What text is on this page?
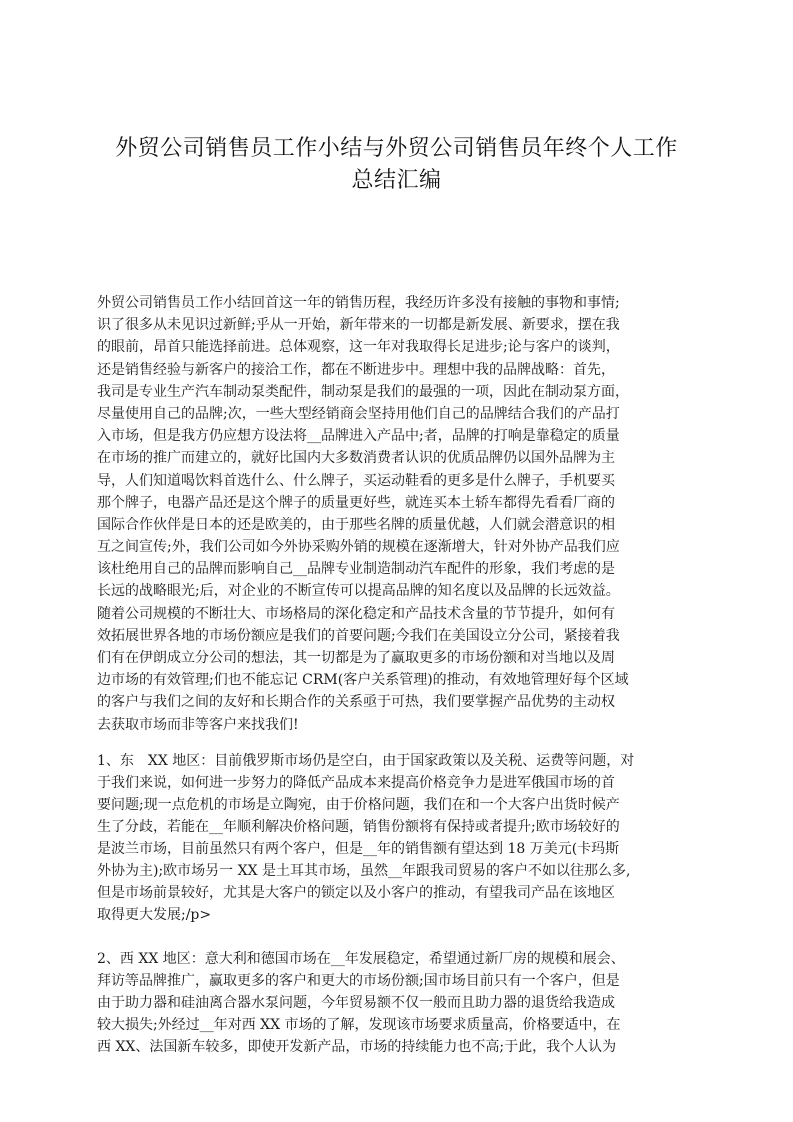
外贸公司销售员工作小结与外贸公司销售员年终个人工作
总结汇编
外贸公司销售员工作小结回首这一年的销售历程，我经历许多没有接触的事物和事情;
识了很多从未见识过新鲜;乎从一开始，新年带来的一切都是新发展、新要求，摆在我
的眼前，昂首只能选择前进。总体观察，这一年对我取得长足进步;论与客户的谈判，
还是销售经验与新客户的接洽工作，都在不断进步中。理想中我的品牌战略：首先，
我司是专业生产汽车制动泵类配件，制动泵是我们的最强的一项，因此在制动泵方面，
尽量使用自己的品牌;次，一些大型经销商会坚持用他们自己的品牌结合我们的产品打
入市场，但是我方仍应想方设法将__品牌进入产品中;者，品牌的打响是靠稳定的质量
在市场的推广而建立的，就好比国内大多数消费者认识的优质品牌仍以国外品牌为主
导，人们知道喝饮料首选什么、什么牌子，买运动鞋看的更多是什么牌子，手机要买
那个牌子，电器产品还是这个牌子的质量更好些，就连买本土轿车都得先看看厂商的
国际合作伙伴是日本的还是欧美的，由于那些名牌的质量优越，人们就会潜意识的相
互之间宣传;外，我们公司如今外协采购外销的规模在逐渐增大，针对外协产品我们应
该杜绝用自己的品牌而影响自己__品牌专业制造制动汽车配件的形象，我们考虑的是
长远的战略眼光;后，对企业的不断宣传可以提高品牌的知名度以及品牌的长远效益。
随着公司规模的不断壮大、市场格局的深化稳定和产品技术含量的节节提升，如何有
效拓展世界各地的市场份额应是我们的首要问题;今我们在美国设立分公司，紧接着我
们有在伊朗成立分公司的想法，其一切都是为了赢取更多的市场份额和对当地以及周
边市场的有效管理;们也不能忘记 CRM(客户关系管理)的推动，有效地管理好每个区域
的客户与我们之间的友好和长期合作的关系亟于可热，我们要掌握产品优势的主动权
去获取市场而非等客户来找我们!
1、东　XX 地区：目前俄罗斯市场仍是空白，由于国家政策以及关税、运费等问题，对
于我们来说，如何进一步努力的降低产品成本来提高价格竞争力是进军俄国市场的首
要问题;现一点危机的市场是立陶宛，由于价格问题，我们在和一个大客户出货时候产
生了分歧，若能在__年顺利解决价格问题，销售份额将有保持或者提升;欧市场较好的
是波兰市场，目前虽然只有两个客户，但是__年的销售额有望达到 18 万美元(卡玛斯
外协为主);欧市场另一 XX 是土耳其市场，虽然__年跟我司贸易的客户不如以往那么多,
但是市场前景较好，尤其是大客户的锁定以及小客户的推动，有望我司产品在该地区
取得更大发展;/p>
2、西 XX 地区：意大利和德国市场在__年发展稳定，希望通过新厂房的规模和展会、
拜访等品牌推广，赢取更多的客户和更大的市场份额;国市场目前只有一个客户，但是
由于助力器和硅油离合器水泵问题，今年贸易额不仅一般而且助力器的退货给我造成
较大损失;外经过__年对西 XX 市场的了解，发现该市场要求质量高，价格要适中，在
西 XX、法国新车较多，即使开发新产品，市场的持续能力也不高;于此，我个人认为
